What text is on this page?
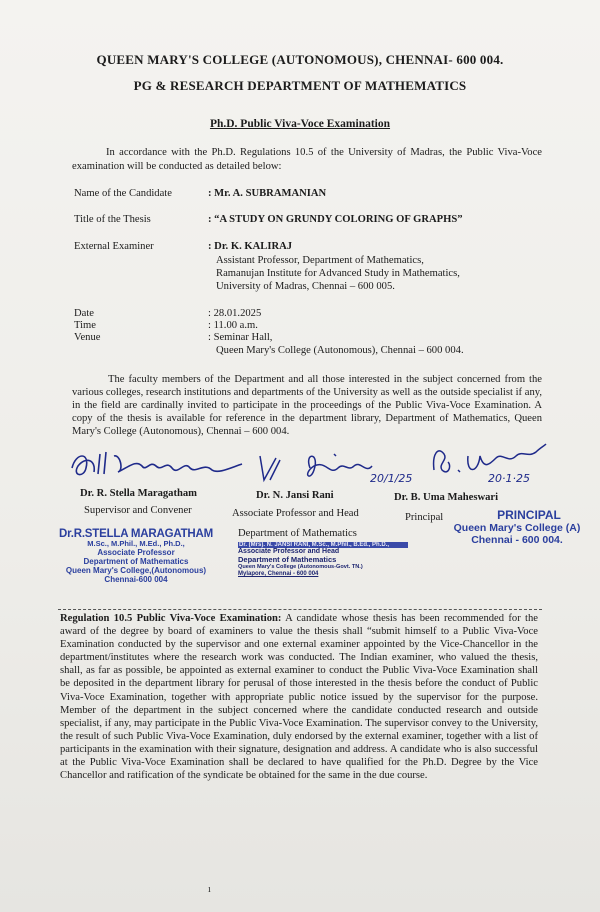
QUEEN MARY'S COLLEGE (AUTONOMOUS), CHENNAI- 600 004.
PG & RESEARCH DEPARTMENT OF MATHEMATICS
Ph.D. Public Viva-Voce Examination
In accordance with the Ph.D. Regulations 10.5 of the University of Madras, the Public Viva-Voce examination will be conducted as detailed below:
Name of the Candidate	: Mr. A. SUBRAMANIAN
Title of the Thesis	: “A STUDY ON GRUNDY COLORING OF GRAPHS”
External Examiner	: Dr. K. KALIRAJ
Assistant Professor, Department of Mathematics,
Ramanujan Institute for Advanced Study in Mathematics,
University of Madras, Chennai – 600 005.
Date	: 28.01.2025
Time	: 11.00 a.m.
Venue	: Seminar Hall,
Queen Mary's College (Autonomous), Chennai – 600 004.
The faculty members of the Department and all those interested in the subject concerned from the various colleges, research institutions and departments of the University as well as the outside specialist if any, in the field are cardinally invited to participate in the proceedings of the Public Viva-Voce Examination. A copy of the thesis is available for reference in the department library, Department of Mathematics, Queen Mary's College (Autonomous), Chennai – 600 004.
20/1/25	20·1·25
Dr. R. Stella Maragatham
Supervisor and Convener
Dr. N. Jansi Rani
Associate Professor and Head
Department of Mathematics
Dr. B. Uma Maheswari
Principal
Dr.R.STELLA MARAGATHAM
M.Sc., M.Phil., M.Ed., Ph.D.,
Associate Professor
Department of Mathematics
Queen Mary's College,(Autonomous)
Chennai-600 004
Dr. (Mrs). N. JANSI RANI, M.Sc., M.Phil., B.Ed., Ph.D.,
Associate Professor and Head
Department of Mathematics
Queen Mary's College (Autonomous-Govt. TN.)
Mylapore, Chennai - 600 004
PRINCIPAL
Queen Mary's College (A)
Chennai - 600 004.
Regulation 10.5 Public Viva-Voce Examination: A candidate whose thesis has been recommended for the award of the degree by board of examiners to value the thesis shall “submit himself to a Public Viva-Voce Examination conducted by the supervisor and one external examiner appointed by the Vice-Chancellor in the department/institutes where the research work was conducted. The Indian examiner, who valued the thesis, shall, as far as possible, be appointed as external examiner to conduct the Public Viva-Voce Examination shall be deposited in the department library for perusal of those interested in the thesis before the conduct of Public Viva-Voce Examination, together with appropriate public notice issued by the supervisor for the purpose. Member of the department in the subject concerned where the candidate conducted research and outside specialist, if any, may participate in the Public Viva-Voce Examination. The supervisor convey to the University, the result of such Public Viva-Voce Examination, duly endorsed by the external examiner, together with a list of participants in the examination with their signature, designation and address. A candidate who is also successful at the Public Viva-Voce Examination shall be declared to have qualified for the Ph.D. Degree by the Vice Chancellor and ratification of the syndicate be obtained for the same in the due course.
ı
